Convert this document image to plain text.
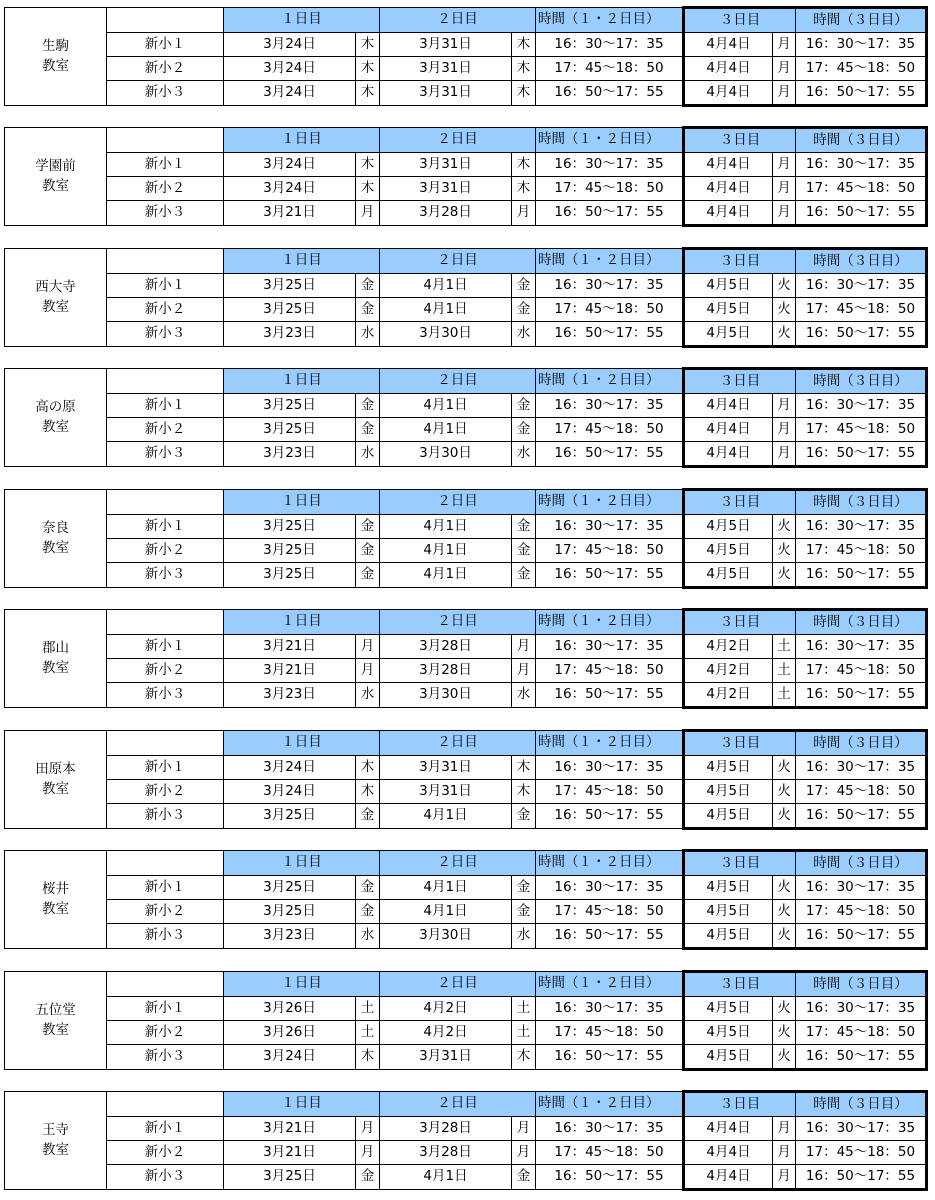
生駒
教室		１日目		２日目		時間（１・２日目）	３日目		時間（３日目）
	新小１	3月24日	木	3月31日	木	16：30〜17：35	4月4日	月	16：30〜17：35
	新小２	3月24日	木	3月31日	木	17：45〜18：50	4月4日	月	17：45〜18：50
	新小３	3月24日	木	3月31日	木	16：50〜17：55	4月4日	月	16：50〜17：55
学園前
教室		１日目		２日目		時間（１・２日目）	３日目		時間（３日目）
	新小１	3月24日	木	3月31日	木	16：30〜17：35	4月4日	月	16：30〜17：35
	新小２	3月24日	木	3月31日	木	17：45〜18：50	4月4日	月	17：45〜18：50
	新小３	3月21日	月	3月28日	月	16：50〜17：55	4月4日	月	16：50〜17：55
西大寺
教室		１日目		２日目		時間（１・２日目）	３日目		時間（３日目）
	新小１	3月25日	金	4月1日	金	16：30〜17：35	4月5日	火	16：30〜17：35
	新小２	3月25日	金	4月1日	金	17：45〜18：50	4月5日	火	17：45〜18：50
	新小３	3月23日	水	3月30日	水	16：50〜17：55	4月5日	火	16：50〜17：55
高の原
教室		１日目		２日目		時間（１・２日目）	３日目		時間（３日目）
	新小１	3月25日	金	4月1日	金	16：30〜17：35	4月4日	月	16：30〜17：35
	新小２	3月25日	金	4月1日	金	17：45〜18：50	4月4日	月	17：45〜18：50
	新小３	3月23日	水	3月30日	水	16：50〜17：55	4月4日	月	16：50〜17：55
奈良
教室		１日目		２日目		時間（１・２日目）	３日目		時間（３日目）
	新小１	3月25日	金	4月1日	金	16：30〜17：35	4月5日	火	16：30〜17：35
	新小２	3月25日	金	4月1日	金	17：45〜18：50	4月5日	火	17：45〜18：50
	新小３	3月25日	金	4月1日	金	16：50〜17：55	4月5日	火	16：50〜17：55
郡山
教室		１日目		２日目		時間（１・２日目）	３日目		時間（３日目）
	新小１	3月21日	月	3月28日	月	16：30〜17：35	4月2日	土	16：30〜17：35
	新小２	3月21日	月	3月28日	月	17：45〜18：50	4月2日	土	17：45〜18：50
	新小３	3月23日	水	3月30日	水	16：50〜17：55	4月2日	土	16：50〜17：55
田原本
教室		１日目		２日目		時間（１・２日目）	３日目		時間（３日目）
	新小１	3月24日	木	3月31日	木	16：30〜17：35	4月5日	火	16：30〜17：35
	新小２	3月24日	木	3月31日	木	17：45〜18：50	4月5日	火	17：45〜18：50
	新小３	3月25日	金	4月1日	金	16：50〜17：55	4月5日	火	16：50〜17：55
桜井
教室		１日目		２日目		時間（１・２日目）	３日目		時間（３日目）
	新小１	3月25日	金	4月1日	金	16：30〜17：35	4月5日	火	16：30〜17：35
	新小２	3月25日	金	4月1日	金	17：45〜18：50	4月5日	火	17：45〜18：50
	新小３	3月23日	水	3月30日	水	16：50〜17：55	4月5日	火	16：50〜17：55
五位堂
教室		１日目		２日目		時間（１・２日目）	３日目		時間（３日目）
	新小１	3月26日	土	4月2日	土	16：30〜17：35	4月5日	火	16：30〜17：35
	新小２	3月26日	土	4月2日	土	17：45〜18：50	4月5日	火	17：45〜18：50
	新小３	3月24日	木	3月31日	木	16：50〜17：55	4月5日	火	16：50〜17：55
王寺
教室		１日目		２日目		時間（１・２日目）	３日目		時間（３日目）
	新小１	3月21日	月	3月28日	月	16：30〜17：35	4月4日	月	16：30〜17：35
	新小２	3月21日	月	3月28日	月	17：45〜18：50	4月4日	月	17：45〜18：50
	新小３	3月25日	金	4月1日	金	16：50〜17：55	4月4日	月	16：50〜17：55
